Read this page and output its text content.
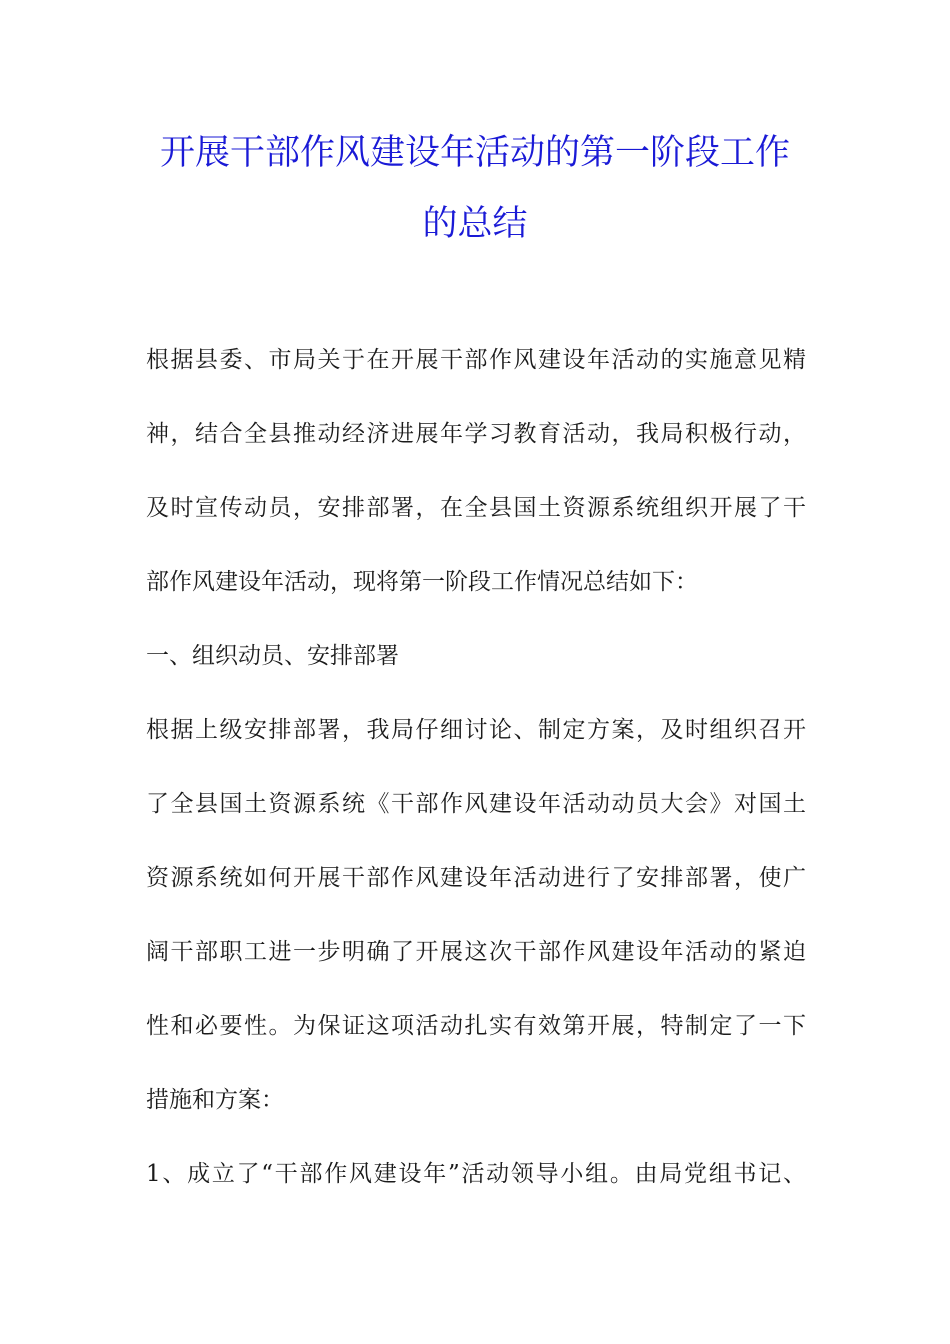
开展干部作风建设年活动的第一阶段工作
的总结
根据县委、市局关于在开展干部作风建设年活动的实施意见精
神，结合全县推动经济进展年学习教育活动，我局积极行动，
及时宣传动员，安排部署，在全县国土资源系统组织开展了干
部作风建设年活动，现将第一阶段工作情况总结如下：
一、组织动员、安排部署
根据上级安排部署，我局仔细讨论、制定方案，及时组织召开
了全县国土资源系统《干部作风建设年活动动员大会》对国土
资源系统如何开展干部作风建设年活动进行了安排部署，使广
阔干部职工进一步明确了开展这次干部作风建设年活动的紧迫
性和必要性。为保证这项活动扎实有效第开展，特制定了一下
措施和方案：
1、成立了“干部作风建设年”活动领导小组。由局党组书记、
